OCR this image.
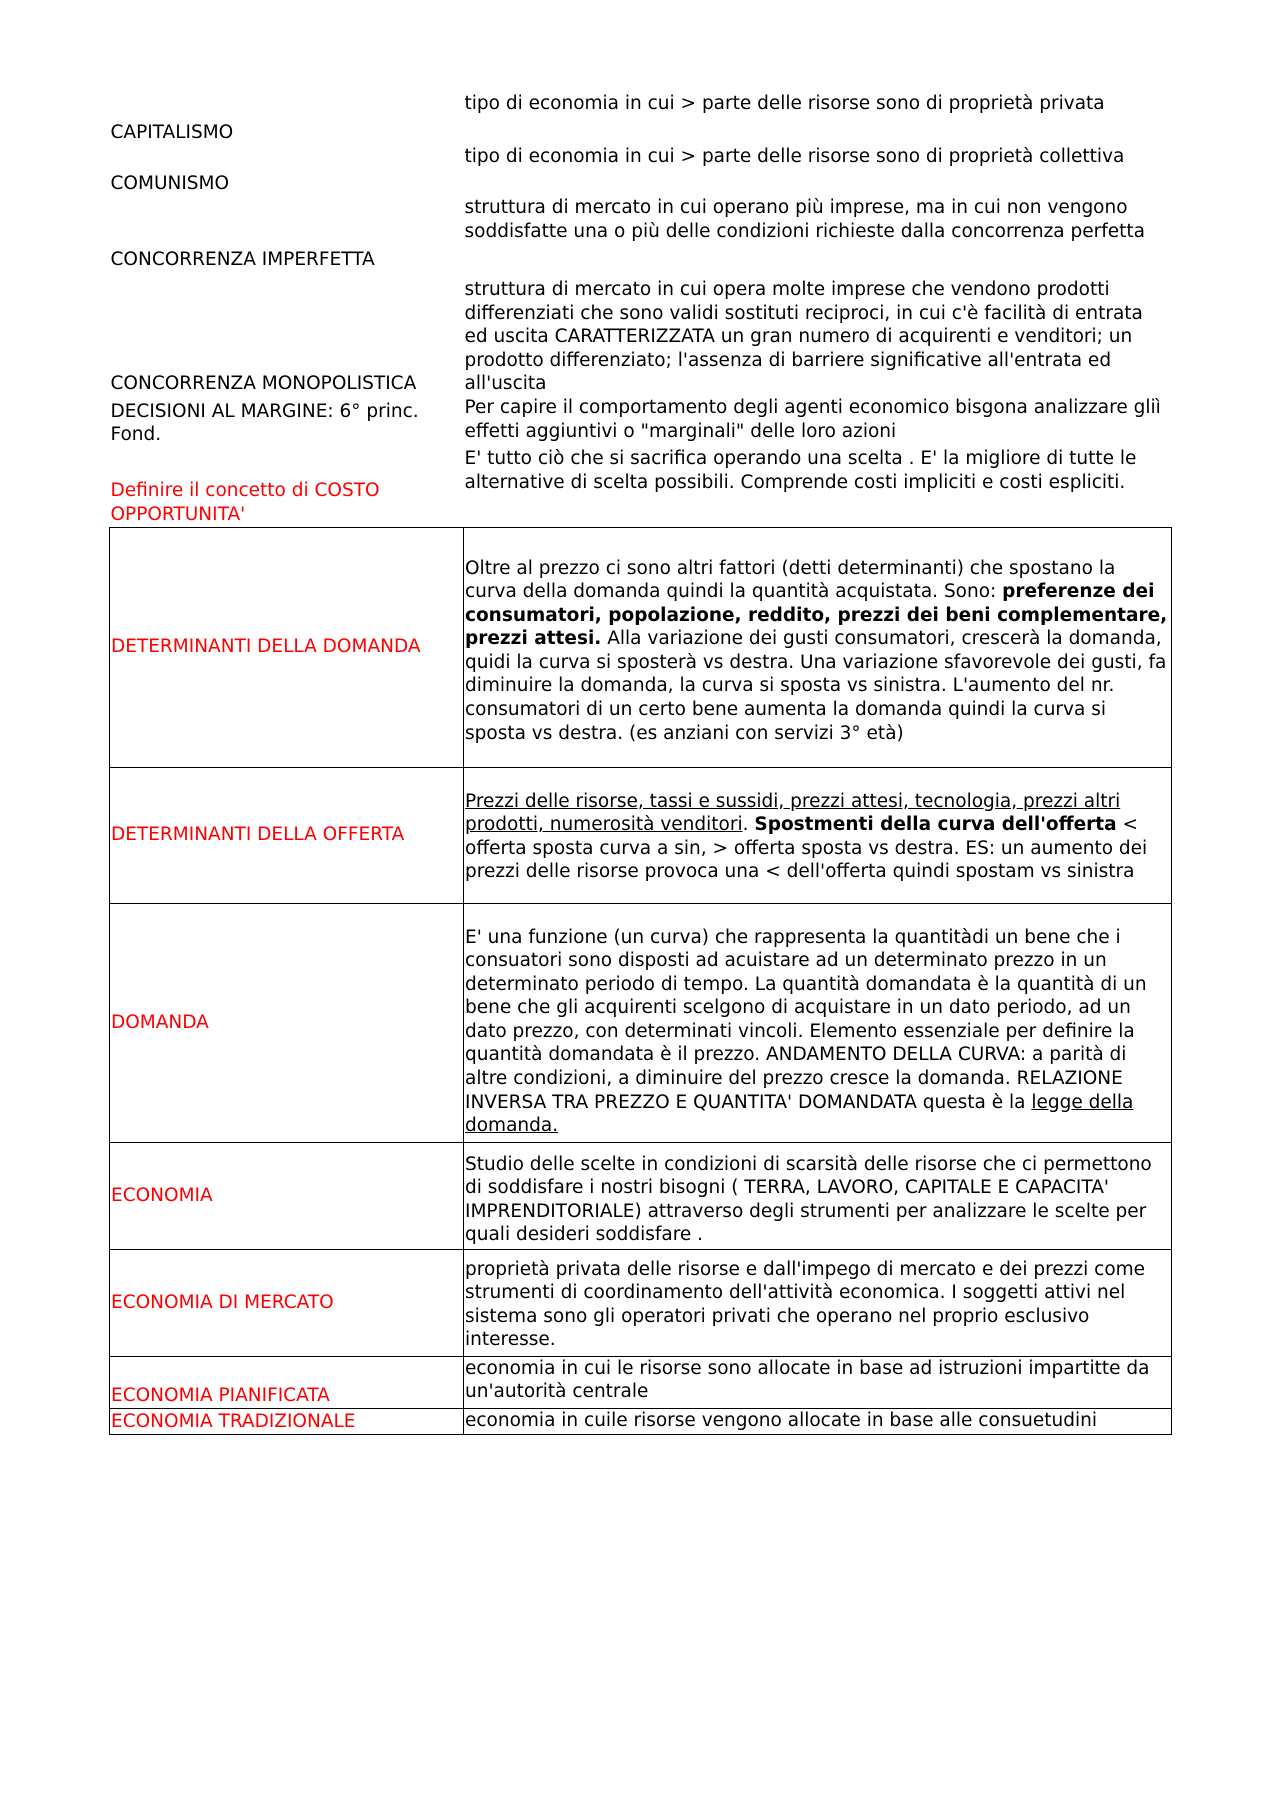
CAPITALISMO	tipo di economia in cui > parte delle risorse sono di proprietà privata
COMUNISMO	tipo di economia in cui > parte delle risorse sono di proprietà collettiva
CONCORRENZA IMPERFETTA	struttura di mercato in cui operano più imprese, ma in cui non vengono soddisfatte una o più delle condizioni richieste dalla concorrenza perfetta
CONCORRENZA MONOPOLISTICA	struttura di mercato in cui opera molte imprese che vendono prodotti differenziati che sono validi sostituti reciproci, in cui c'è facilità di entrata ed uscita CARATTERIZZATA un gran numero di acquirenti e venditori; un prodotto differenziato; l'assenza di barriere significative all'entrata ed all'uscita
DECISIONI AL MARGINE: 6° princ. Fond.	Per capire il comportamento degli agenti economico bisgona analizzare gliì effetti aggiuntivi o "marginali" delle loro azioni
Definire il concetto di COSTO OPPORTUNITA'	E' tutto ciò che si sacrifica operando una scelta . E' la migliore di tutte le alternative di scelta possibili. Comprende costi impliciti e costi espliciti.
DETERMINANTI DELLA DOMANDA	Oltre al prezzo ci sono altri fattori (detti determinanti) che spostano la curva della domanda quindi la quantità acquistata. Sono: preferenze dei consumatori, popolazione, reddito, prezzi dei beni complementare, prezzi attesi. Alla variazione dei gusti consumatori, crescerà la domanda, quidi la curva si sposterà vs destra. Una variazione sfavorevole dei gusti, fa diminuire la domanda, la curva si sposta vs sinistra. L'aumento del nr. consumatori di un certo bene aumenta la domanda quindi la curva si sposta vs destra. (es anziani con servizi 3° età)
DETERMINANTI DELLA OFFERTA	Prezzi delle risorse, tassi e sussidi, prezzi attesi, tecnologia, prezzi altri prodotti, numerosità venditori. Spostmenti della curva dell'offerta < offerta sposta curva a sin, > offerta sposta vs destra. ES: un aumento dei prezzi delle risorse provoca una < dell'offerta quindi spostam vs sinistra
DOMANDA	E' una funzione (un curva) che rappresenta la quantitàdi un bene che i consuatori sono disposti ad acuistare ad un determinato prezzo in un determinato periodo di tempo. La quantità domandata è la quantità di un bene che gli acquirenti scelgono di acquistare in un dato periodo, ad un dato prezzo, con determinati vincoli. Elemento essenziale per definire la quantità domandata è il prezzo. ANDAMENTO DELLA CURVA: a parità di altre condizioni, a diminuire del prezzo cresce la domanda. RELAZIONE INVERSA TRA PREZZO E QUANTITA' DOMANDATA questa è la legge della domanda.
ECONOMIA	Studio delle scelte in condizioni di scarsità delle risorse che ci permettono di soddisfare i nostri bisogni ( TERRA, LAVORO, CAPITALE E CAPACITA' IMPRENDITORIALE) attraverso degli strumenti per analizzare le scelte per quali desideri soddisfare .
ECONOMIA DI MERCATO	proprietà privata delle risorse e dall'impego di mercato e dei prezzi come strumenti di coordinamento dell'attività economica. I soggetti attivi nel sistema sono gli operatori privati che operano nel proprio esclusivo interesse.
ECONOMIA PIANIFICATA	economia in cui le risorse sono allocate in base ad istruzioni impartitte da un'autorità centrale
ECONOMIA TRADIZIONALE	economia in cuile risorse vengono allocate in base alle consuetudini
